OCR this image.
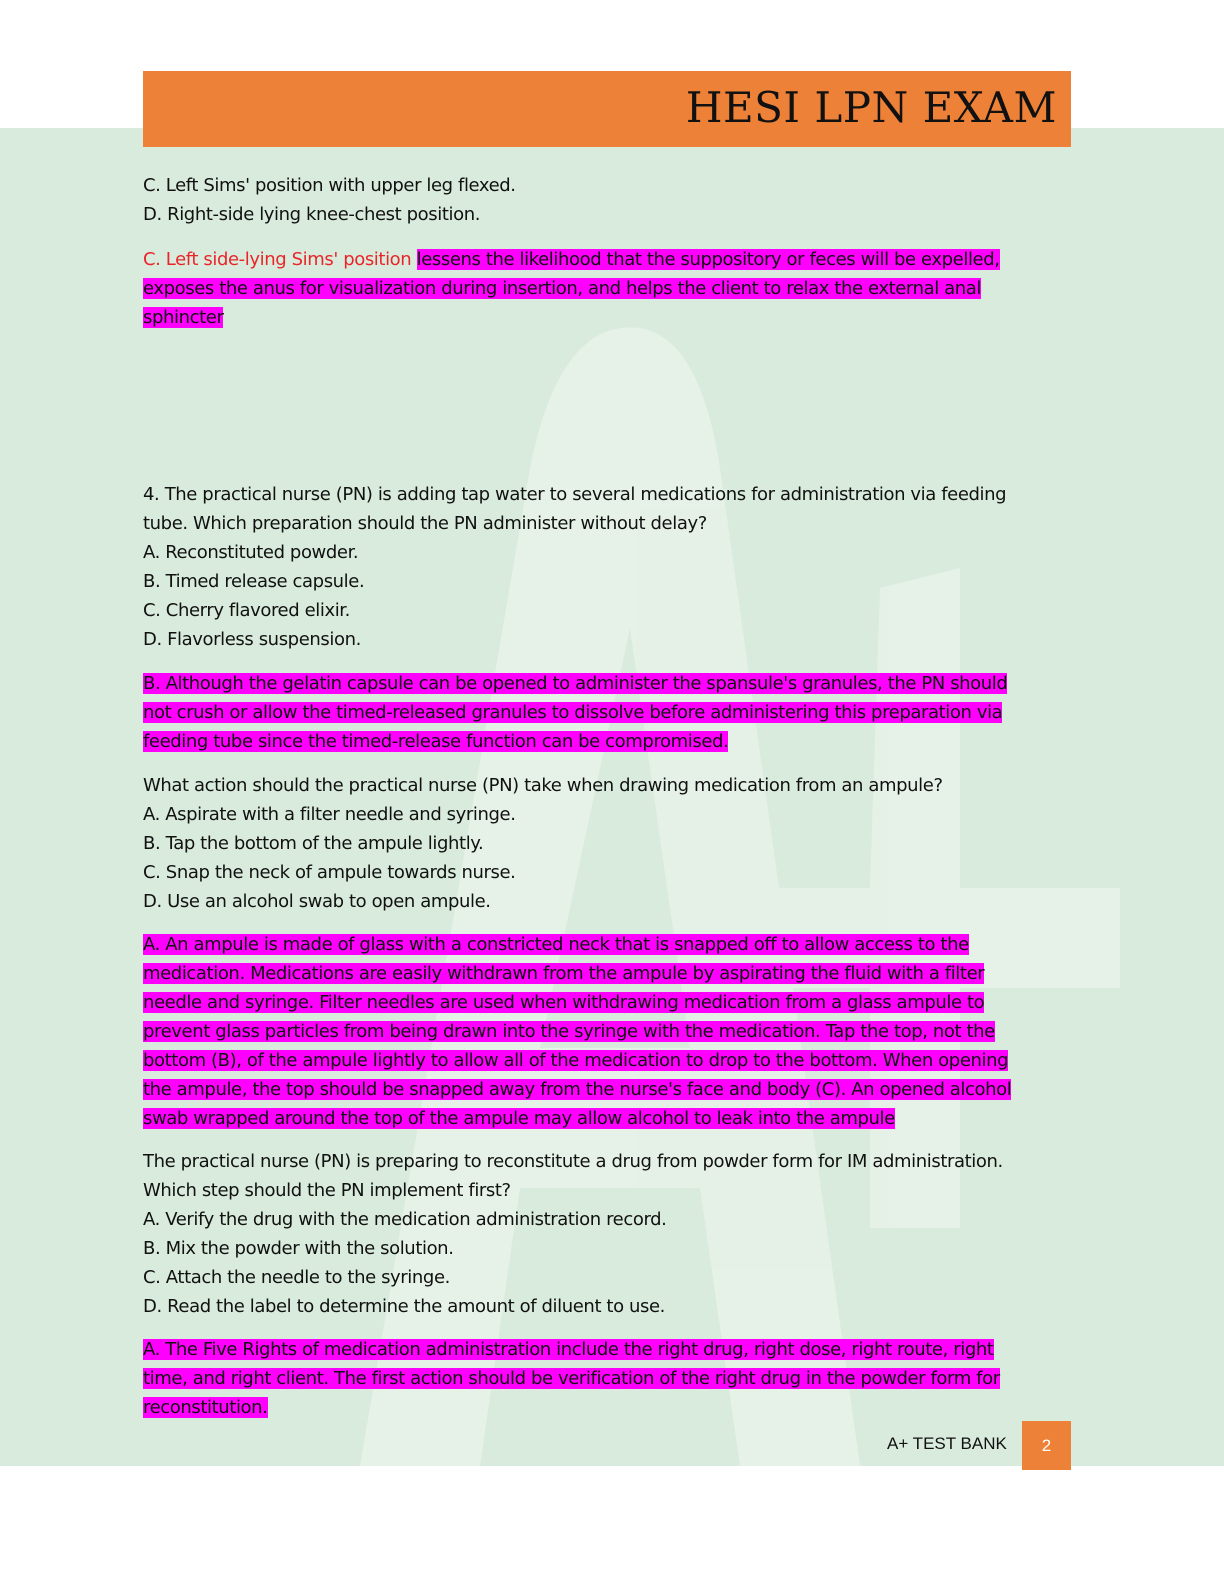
HESI LPN EXAM
C. Left Sims' position with upper leg flexed.
D. Right-side lying knee-chest position.
C. Left side-lying Sims' position lessens the likelihood that the suppository or feces will be expelled,
exposes the anus for visualization during insertion, and helps the client to relax the external anal
sphincter
4. The practical nurse (PN) is adding tap water to several medications for administration via feeding
tube. Which preparation should the PN administer without delay?
A. Reconstituted powder.
B. Timed release capsule.
C. Cherry flavored elixir.
D. Flavorless suspension.
B. Although the gelatin capsule can be opened to administer the spansule's granules, the PN should
not crush or allow the timed-released granules to dissolve before administering this preparation via
feeding tube since the timed-release function can be compromised.
What action should the practical nurse (PN) take when drawing medication from an ampule?
A. Aspirate with a filter needle and syringe.
B. Tap the bottom of the ampule lightly.
C. Snap the neck of ampule towards nurse.
D. Use an alcohol swab to open ampule.
A. An ampule is made of glass with a constricted neck that is snapped off to allow access to the
medication. Medications are easily withdrawn from the ampule by aspirating the fluid with a filter
needle and syringe. Filter needles are used when withdrawing medication from a glass ampule to
prevent glass particles from being drawn into the syringe with the medication. Tap the top, not the
bottom (B), of the ampule lightly to allow all of the medication to drop to the bottom. When opening
the ampule, the top should be snapped away from the nurse's face and body (C). An opened alcohol
swab wrapped around the top of the ampule may allow alcohol to leak into the ampule
The practical nurse (PN) is preparing to reconstitute a drug from powder form for IM administration.
Which step should the PN implement first?
A. Verify the drug with the medication administration record.
B. Mix the powder with the solution.
C. Attach the needle to the syringe.
D. Read the label to determine the amount of diluent to use.
A. The Five Rights of medication administration include the right drug, right dose, right route, right
time, and right client. The first action should be verification of the right drug in the powder form for
reconstitution.
A+ TEST BANK	2
